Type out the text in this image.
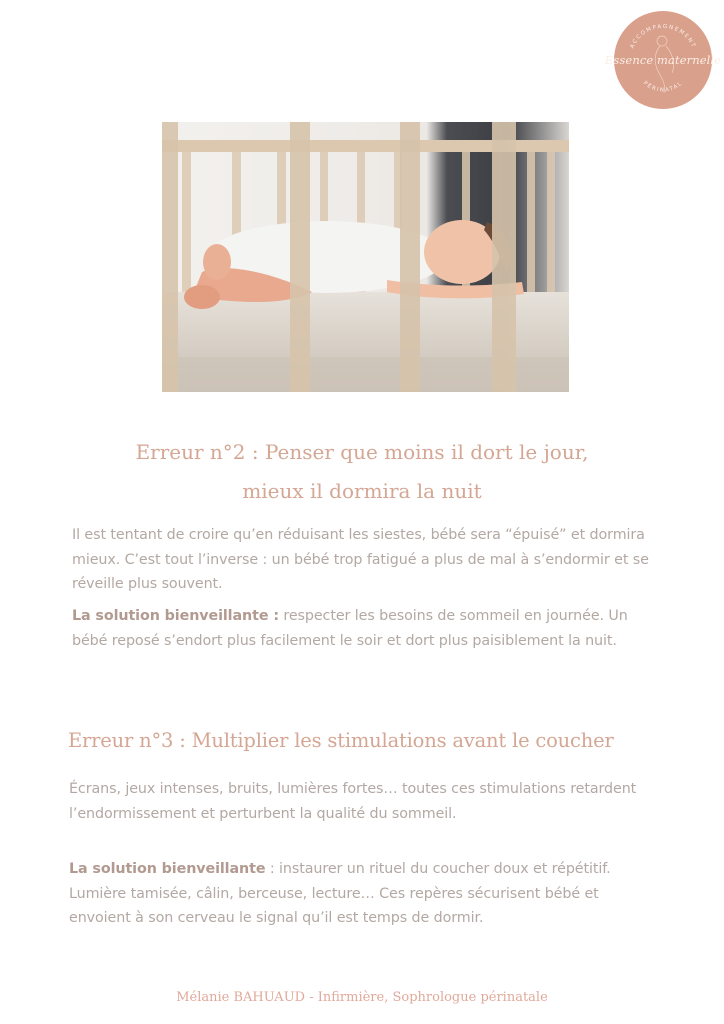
ACCOMPAGNEMENT
PÉRINATAL
Essence maternelle
Erreur n°2 : Penser que moins il dort le jour,
mieux il dormira la nuit

Il est tentant de croire qu’en réduisant les siestes, bébé sera “épuisé” et dormira mieux. C’est tout l’inverse : un bébé trop fatigué a plus de mal à s’endormir et se réveille plus souvent.

La solution bienveillante : respecter les besoins de sommeil en journée. Un bébé reposé s’endort plus facilement le soir et dort plus paisiblement la nuit.

Erreur n°3 : Multiplier les stimulations avant le coucher

Écrans, jeux intenses, bruits, lumières fortes… toutes ces stimulations retardent l’endormissement et perturbent la qualité du sommeil.

La solution bienveillante : instaurer un rituel du coucher doux et répétitif. Lumière tamisée, câlin, berceuse, lecture… Ces repères sécurisent bébé et envoient à son cerveau le signal qu’il est temps de dormir.

Mélanie BAHUAUD - Infirmière, Sophrologue périnatale
